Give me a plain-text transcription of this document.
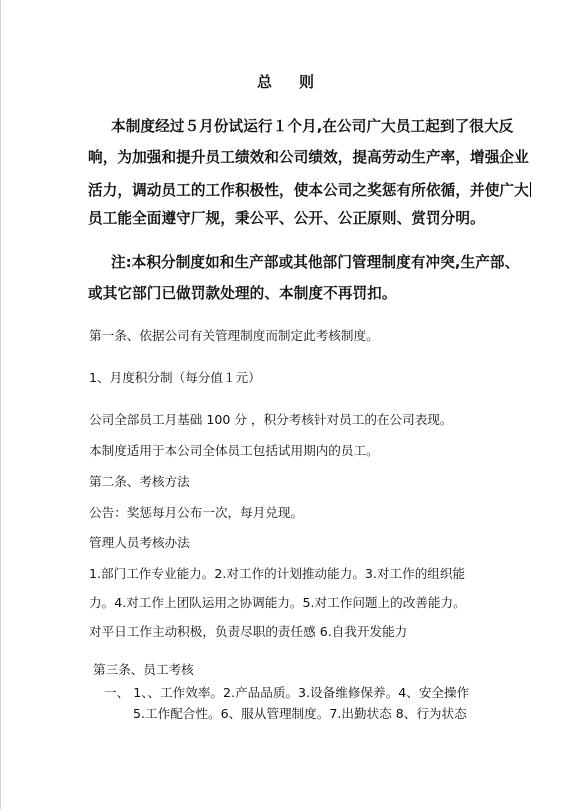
总　则
本制度经过５月份试运行１个月,在公司广大员工起到了很大反
响，为加强和提升员工绩效和公司绩效，提高劳动生产率，增强企业
活力，调动员工的工作积极性，使本公司之奖惩有所依循，并使广大
员工能全面遵守厂规，秉公平、公开、公正原则、赏罚分明。
注:本积分制度如和生产部或其他部门管理制度有冲突,生产部、
或其它部门已做罚款处理的、本制度不再罚扣。
第一条、依据公司有关管理制度而制定此考核制度。
1、月度积分制（每分值１元）
公司全部员工月基础 100 分 ，积分考核针对员工的在公司表现。
本制度适用于本公司全体员工包括试用期内的员工。
第二条、考核方法
公告：奖惩每月公布一次，每月兑现。
管理人员考核办法
1.部门工作专业能力。2.对工作的计划推动能力。3.对工作的组织能
力。4.对工作上团队运用之协调能力。5.对工作问题上的改善能力。
对平日工作主动积极，负责尽职的责任感 6.自我开发能力
第三条、员工考核
一、 1、、工作效率。2.产品品质。3.设备维修保养。4、安全操作
5.工作配合性。6、服从管理制度。7.出勤状态 8、行为状态
